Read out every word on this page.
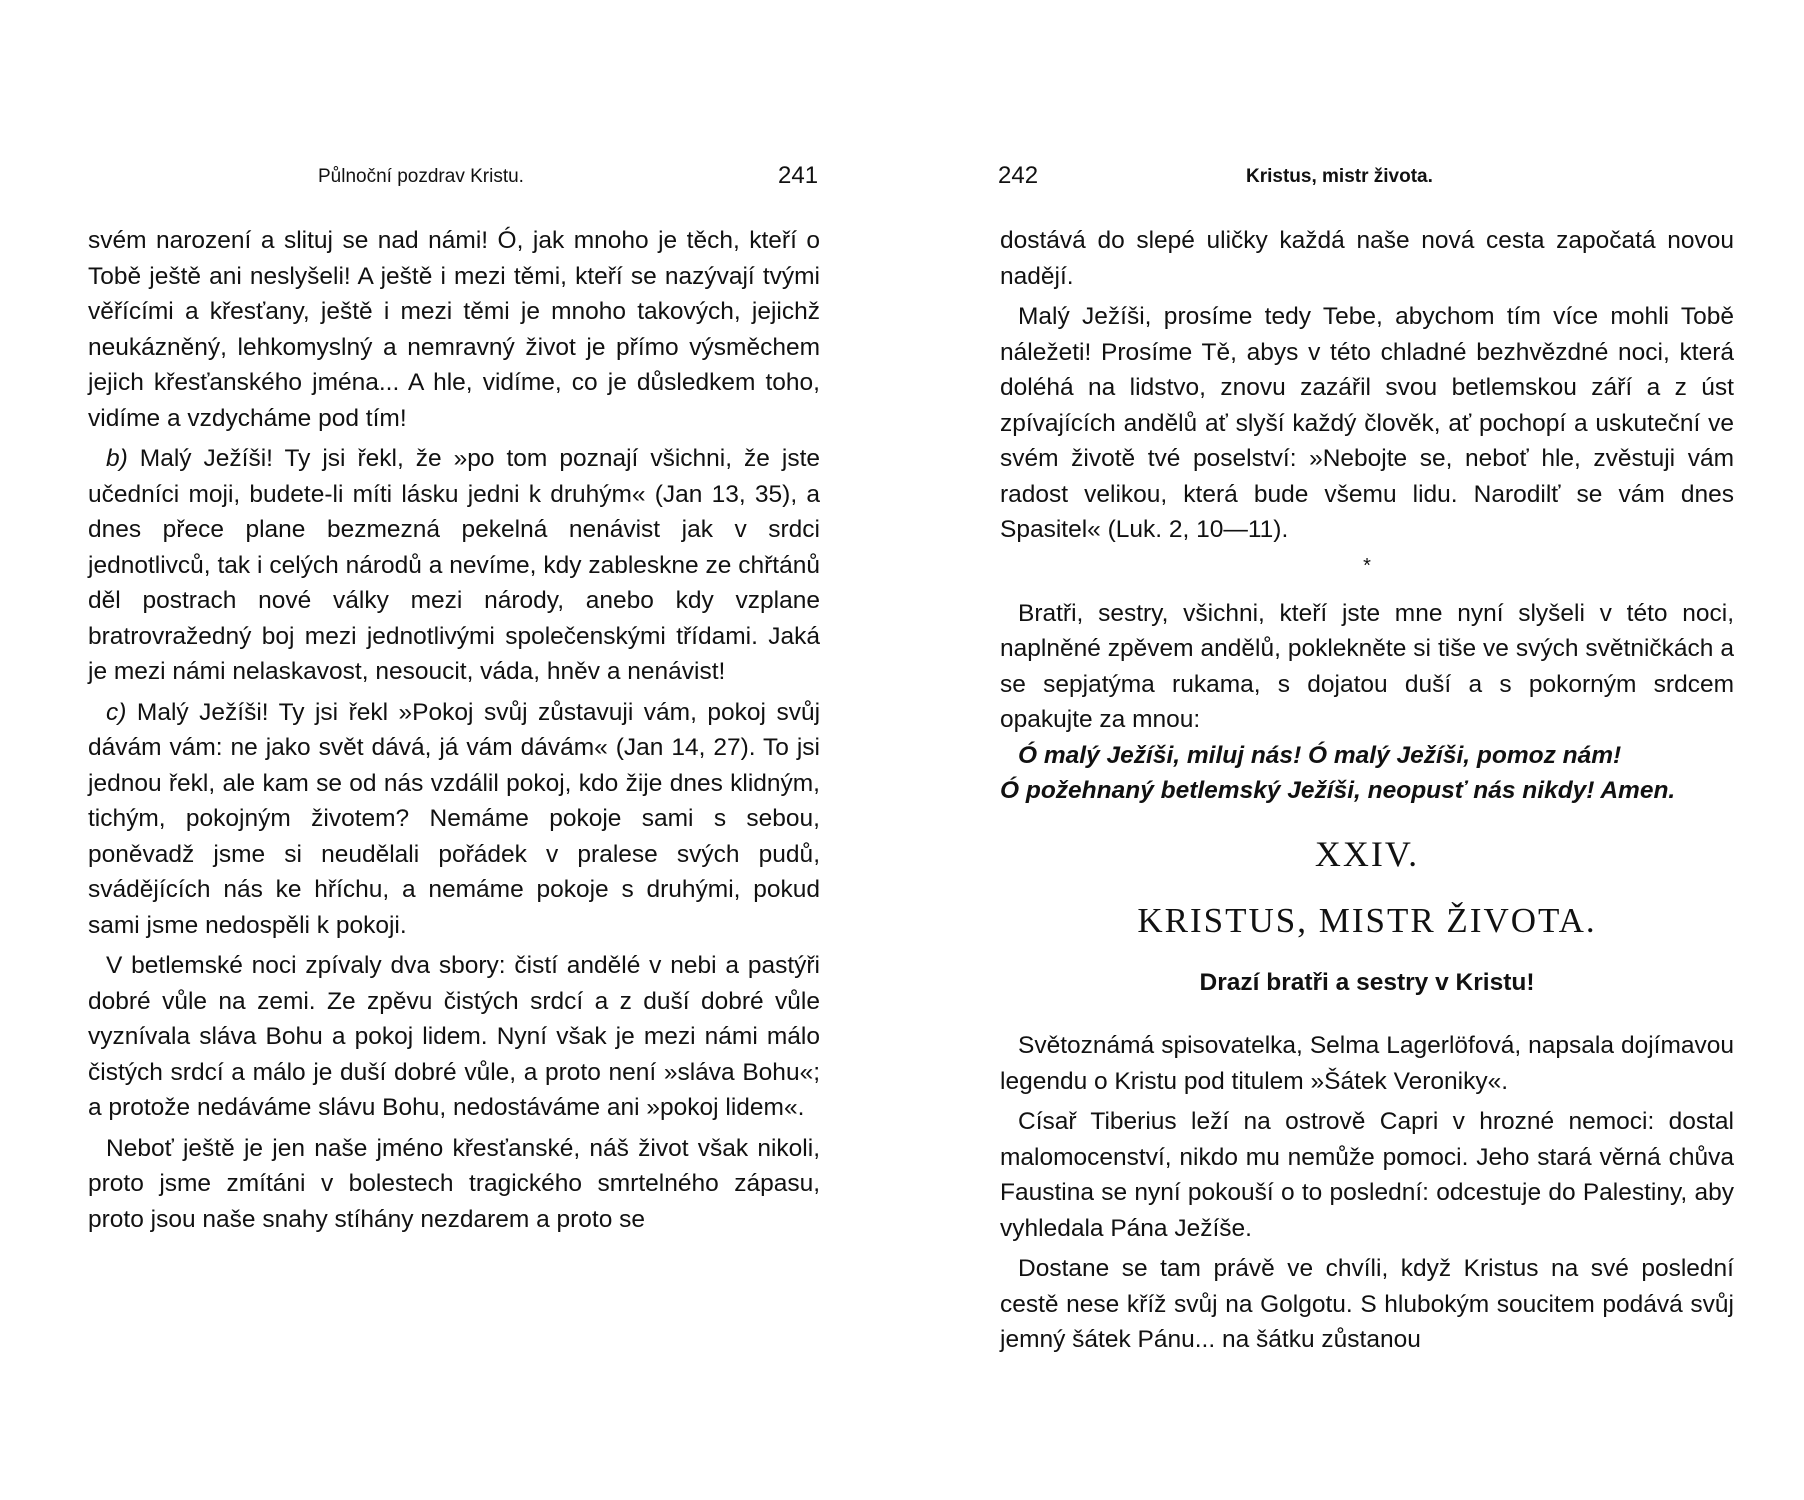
Půlnoční pozdrav Kristu.	241

svém narození a slituj se nad námi! Ó, jak mnoho je těch, kteří o Tobě ještě ani neslyšeli! A ještě i mezi těmi, kteří se nazývají tvými věřícími a křesťany, ještě i mezi těmi je mnoho takových, jejichž neukázněný, lehkomyslný a nemravný život je přímo výsměchem jejich křesťanského jména... A hle, vidíme, co je důsledkem toho, vidíme a vzdycháme pod tím!

b) Malý Ježíši! Ty jsi řekl, že »po tom poznají všichni, že jste učedníci moji, budete-li míti lásku jedni k druhým« (Jan 13, 35), a dnes přece plane bezmezná pekelná nenávist jak v srdci jednotlivců, tak i celých národů a nevíme, kdy zableskne ze chřtánů děl postrach nové války mezi národy, anebo kdy vzplane bratrovražedný boj mezi jednotlivými společenskými třídami. Jaká je mezi námi nelaskavost, nesoucit, váda, hněv a nenávist!

c) Malý Ježíši! Ty jsi řekl »Pokoj svůj zůstavuji vám, pokoj svůj dávám vám: ne jako svět dává, já vám dávám« (Jan 14, 27). To jsi jednou řekl, ale kam se od nás vzdálil pokoj, kdo žije dnes klidným, tichým, pokojným životem? Nemáme pokoje sami s sebou, poněvadž jsme si neudělali pořádek v pralese svých pudů, svádějících nás ke hříchu, a nemáme pokoje s druhými, pokud sami jsme nedospěli k pokoji.

V betlemské noci zpívaly dva sbory: čistí andělé v nebi a pastýři dobré vůle na zemi. Ze zpěvu čistých srdcí a z duší dobré vůle vyznívala sláva Bohu a pokoj lidem. Nyní však je mezi námi málo čistých srdcí a málo je duší dobré vůle, a proto není »sláva Bohu«; a protože nedáváme slávu Bohu, nedostáváme ani »pokoj lidem«.

Neboť ještě je jen naše jméno křesťanské, náš život však nikoli, proto jsme zmítáni v bolestech tragického smrtelného zápasu, proto jsou naše snahy stíhány nezdarem a proto se

242	Kristus, mistr života.

dostává do slepé uličky každá naše nová cesta započatá novou nadějí.

Malý Ježíši, prosíme tedy Tebe, abychom tím více mohli Tobě náležeti! Prosíme Tě, abys v této chladné bezhvězdné noci, která doléhá na lidstvo, znovu zazářil svou betlemskou září a z úst zpívajících andělů ať slyší každý člověk, ať pochopí a uskuteční ve svém životě tvé poselství: »Nebojte se, neboť hle, zvěstuji vám radost velikou, která bude všemu lidu. Narodilť se vám dnes Spasitel« (Luk. 2, 10—11).

*

Bratři, sestry, všichni, kteří jste mne nyní slyšeli v této noci, naplněné zpěvem andělů, poklekněte si tiše ve svých světničkách a se sepjatýma rukama, s dojatou duší a s pokorným srdcem opakujte za mnou:

Ó malý Ježíši, miluj nás! Ó malý Ježíši, pomoz nám!

Ó požehnaný betlemský Ježíši, neopusť nás nikdy! Amen.

XXIV.
KRISTUS, MISTR ŽIVOTA.
Drazí bratři a sestry v Kristu!

Světoznámá spisovatelka, Selma Lagerlöfová, napsala dojímavou legendu o Kristu pod titulem »Šátek Veroniky«.

Císař Tiberius leží na ostrově Capri v hrozné nemoci: dostal malomocenství, nikdo mu nemůže pomoci. Jeho stará věrná chůva Faustina se nyní pokouší o to poslední: odcestuje do Palestiny, aby vyhledala Pána Ježíše.

Dostane se tam právě ve chvíli, když Kristus na své poslední cestě nese kříž svůj na Golgotu. S hlubokým soucitem podává svůj jemný šátek Pánu... na šátku zůstanou
